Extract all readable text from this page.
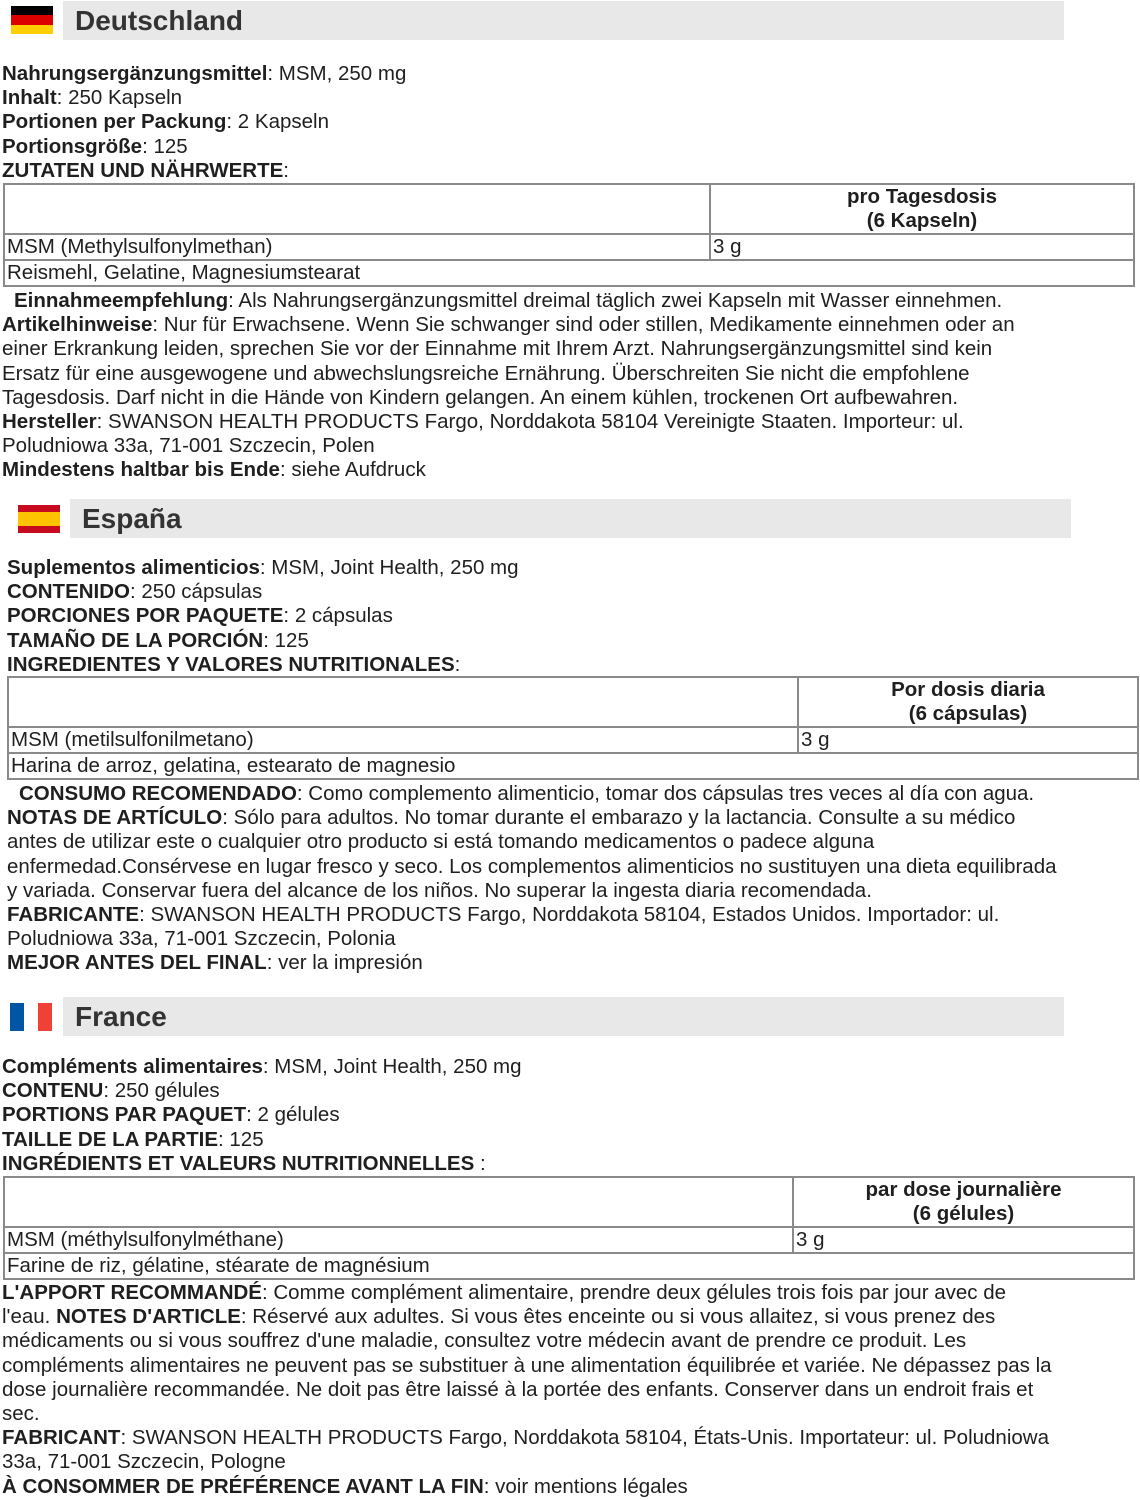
Deutschland
Nahrungsergänzungsmittel: MSM, 250 mg
Inhalt: 250 Kapseln
Portionen per Packung: 2 Kapseln
Portionsgröße: 125
ZUTATEN UND NÄHRWERTE:

	pro Tagesdosis
(6 Kapseln)

MSM (Methylsulfonylmethan)	3 g
Reismehl, Gelatine, Magnesiumstearat	
Einnahmeempfehlung: Als Nahrungsergänzungsmittel dreimal täglich zwei Kapseln mit Wasser einnehmen.
Artikelhinweise: Nur für Erwachsene. Wenn Sie schwanger sind oder stillen, Medikamente einnehmen oder an
einer Erkrankung leiden, sprechen Sie vor der Einnahme mit Ihrem Arzt. Nahrungsergänzungsmittel sind kein
Ersatz für eine ausgewogene und abwechslungsreiche Ernährung. Überschreiten Sie nicht die empfohlene
Tagesdosis. Darf nicht in die Hände von Kindern gelangen. An einem kühlen, trockenen Ort aufbewahren.
Hersteller: SWANSON HEALTH PRODUCTS Fargo, Norddakota 58104 Vereinigte Staaten. Importeur: ul.
Poludniowa 33a, 71-001 Szczecin, Polen
Mindestens haltbar bis Ende: siehe Aufdruck
España
Suplementos alimenticios: MSM, Joint Health, 250 mg
CONTENIDO: 250 cápsulas
PORCIONES POR PAQUETE: 2 cápsulas
TAMAÑO DE LA PORCIÓN: 125
INGREDIENTES Y VALORES NUTRITIONALES:

	Por dosis diaria
(6 cápsulas)

MSM (metilsulfonilmetano)	3 g
Harina de arroz, gelatina, estearato de magnesio	
CONSUMO RECOMENDADO: Como complemento alimenticio, tomar dos cápsulas tres veces al día con agua.
NOTAS DE ARTÍCULO: Sólo para adultos. No tomar durante el embarazo y la lactancia. Consulte a su médico
antes de utilizar este o cualquier otro producto si está tomando medicamentos o padece alguna
enfermedad.Consérvese en lugar fresco y seco. Los complementos alimenticios no sustituyen una dieta equilibrada
y variada. Conservar fuera del alcance de los niños. No superar la ingesta diaria recomendada.
FABRICANTE: SWANSON HEALTH PRODUCTS Fargo, Norddakota 58104, Estados Unidos. Importador: ul.
Poludniowa 33a, 71-001 Szczecin, Polonia
MEJOR ANTES DEL FINAL: ver la impresión
France
Compléments alimentaires: MSM, Joint Health, 250 mg
CONTENU: 250 gélules
PORTIONS PAR PAQUET: 2 gélules
TAILLE DE LA PARTIE: 125
INGRÉDIENTS ET VALEURS NUTRITIONNELLES :

	par dose journalière
(6 gélules)

MSM (méthylsulfonylméthane)	3 g
Farine de riz, gélatine, stéarate de magnésium	
L'APPORT RECOMMANDÉ: Comme complément alimentaire, prendre deux gélules trois fois par jour avec de
l'eau. NOTES D'ARTICLE: Réservé aux adultes. Si vous êtes enceinte ou si vous allaitez, si vous prenez des
médicaments ou si vous souffrez d'une maladie, consultez votre médecin avant de prendre ce produit. Les
compléments alimentaires ne peuvent pas se substituer à une alimentation équilibrée et variée. Ne dépassez pas la
dose journalière recommandée. Ne doit pas être laissé à la portée des enfants. Conserver dans un endroit frais et
sec.
FABRICANT: SWANSON HEALTH PRODUCTS Fargo, Norddakota 58104, États-Unis. Importateur: ul. Poludniowa
33a, 71-001 Szczecin, Pologne
À CONSOMMER DE PRÉFÉRENCE AVANT LA FIN: voir mentions légales
